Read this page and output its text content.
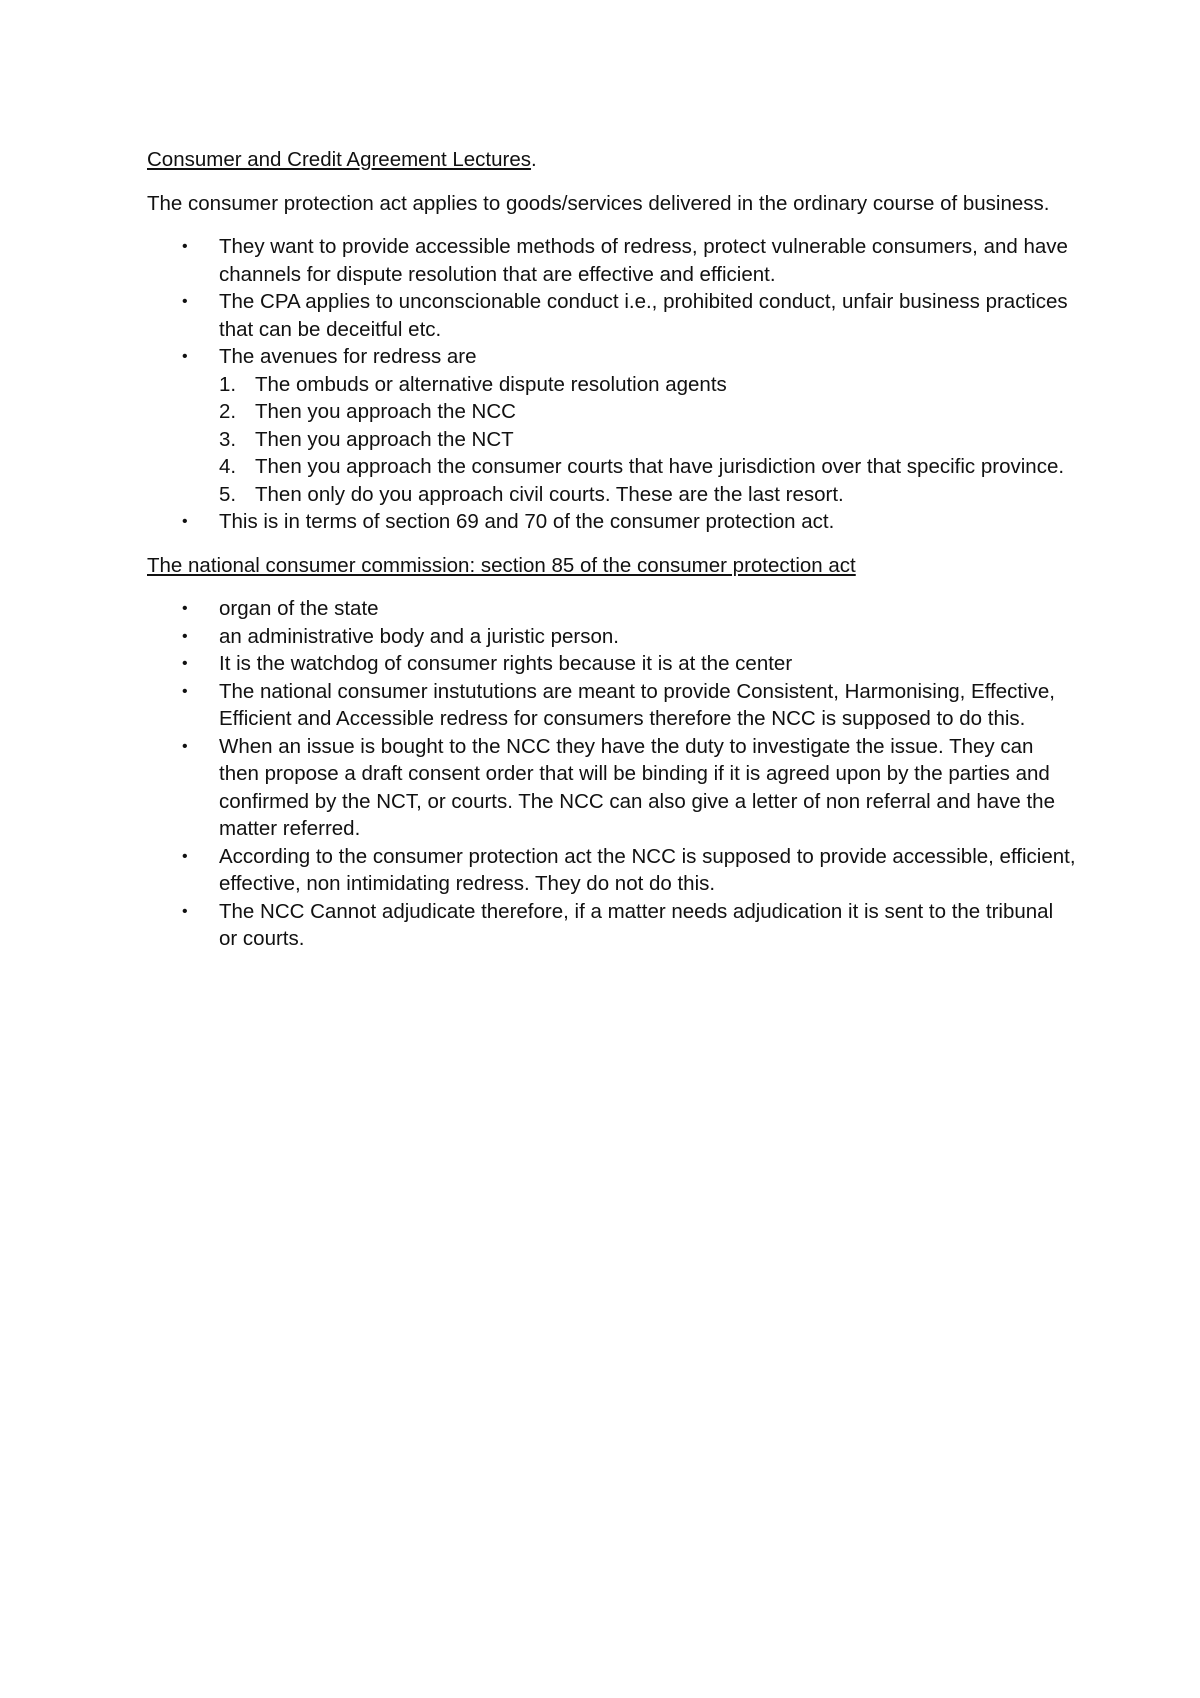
Consumer and Credit Agreement Lectures.

The consumer protection act applies to goods/services delivered in the ordinary course of business.

• They want to provide accessible methods of redress, protect vulnerable consumers, and have channels for dispute resolution that are effective and efficient.
• The CPA applies to unconscionable conduct i.e., prohibited conduct, unfair business practices that can be deceitful etc.
• The avenues for redress are
1. The ombuds or alternative dispute resolution agents
2. Then you approach the NCC
3. Then you approach the NCT
4. Then you approach the consumer courts that have jurisdiction over that specific province.
5. Then only do you approach civil courts. These are the last resort.
• This is in terms of section 69 and 70 of the consumer protection act.

The national consumer commission: section 85 of the consumer protection act

• organ of the state
• an administrative body and a juristic person.
• It is the watchdog of consumer rights because it is at the center
• The national consumer instututions are meant to provide Consistent, Harmonising, Effective, Efficient and Accessible redress for consumers therefore the NCC is supposed to do this.
• When an issue is bought to the NCC they have the duty to investigate the issue. They can then propose a draft consent order that will be binding if it is agreed upon by the parties and confirmed by the NCT, or courts. The NCC can also give a letter of non referral and have the matter referred.
• According to the consumer protection act the NCC is supposed to provide accessible, efficient, effective, non intimidating redress. They do not do this.
• The NCC Cannot adjudicate therefore, if a matter needs adjudication it is sent to the tribunal or courts.
